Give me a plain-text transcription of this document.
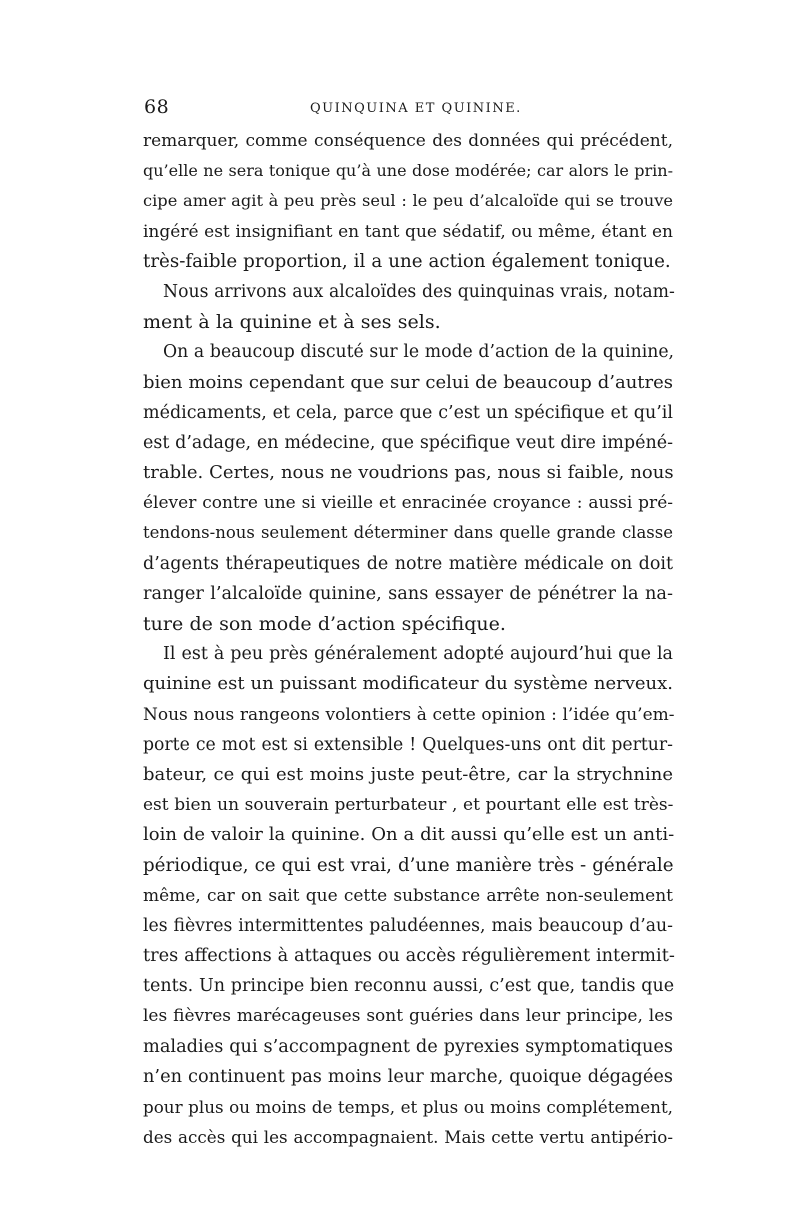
68	QUINQUINA ET QUININE.
remarquer, comme conséquence des données qui précédent,
qu’elle ne sera tonique qu’à une dose modérée; car alors le prin-
cipe amer agit à peu près seul : le peu d’alcaloïde qui se trouve
ingéré est insignifiant en tant que sédatif, ou même, étant en
très-faible proportion, il a une action également tonique.
Nous arrivons aux alcaloïdes des quinquinas vrais, notam-
ment à la quinine et à ses sels.
On a beaucoup discuté sur le mode d’action de la quinine,
bien moins cependant que sur celui de beaucoup d’autres
médicaments, et cela, parce que c’est un spécifique et qu’il
est d’adage, en médecine, que spécifique veut dire impéné-
trable. Certes, nous ne voudrions pas, nous si faible, nous
élever contre une si vieille et enracinée croyance : aussi pré-
tendons-nous seulement déterminer dans quelle grande classe
d’agents thérapeutiques de notre matière médicale on doit
ranger l’alcaloïde quinine, sans essayer de pénétrer la na-
ture de son mode d’action spécifique.
Il est à peu près généralement adopté aujourd’hui que la
quinine est un puissant modificateur du système nerveux.
Nous nous rangeons volontiers à cette opinion : l’idée qu’em-
porte ce mot est si extensible ! Quelques-uns ont dit pertur-
bateur, ce qui est moins juste peut-être, car la strychnine
est bien un souverain perturbateur , et pourtant elle est très-
loin de valoir la quinine. On a dit aussi qu’elle est un anti-
périodique, ce qui est vrai, d’une manière très - générale
même, car on sait que cette substance arrête non-seulement
les fièvres intermittentes paludéennes, mais beaucoup d’au-
tres affections à attaques ou accès régulièrement intermit-
tents. Un principe bien reconnu aussi, c’est que, tandis que
les fièvres marécageuses sont guéries dans leur principe, les
maladies qui s’accompagnent de pyrexies symptomatiques
n’en continuent pas moins leur marche, quoique dégagées
pour plus ou moins de temps, et plus ou moins complétement,
des accès qui les accompagnaient. Mais cette vertu antipério-
